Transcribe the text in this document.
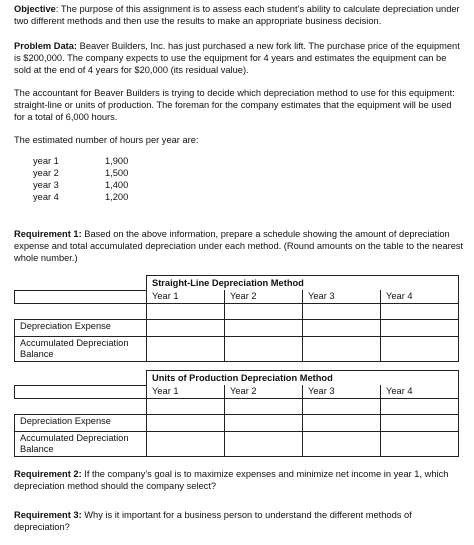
Objective: The purpose of this assignment is to assess each student’s ability to calculate depreciation under two different methods and then use the results to make an appropriate business decision.
Problem Data: Beaver Builders, Inc. has just purchased a new fork lift. The purchase price of the equipment is $200,000. The company expects to use the equipment for 4 years and estimates the equipment can be sold at the end of 4 years for $20,000 (its residual value).
The accountant for Beaver Builders is trying to decide which depreciation method to use for this equipment: straight-line or units of production. The foreman for the company estimates that the equipment will be used for a total of 6,000 hours.
The estimated number of hours per year are:
year 1	1,900
year 2	1,500
year 3	1,400
year 4	1,200
Requirement 1: Based on the above information, prepare a schedule showing the amount of depreciation expense and total accumulated depreciation under each method. (Round amounts on the table to the nearest whole number.)
	Straight-Line Depreciation Method			
	Year 1	Year 2	Year 3	Year 4

Depreciation Expense				
Accumulated Depreciation
Balance				
	Units of Production Depreciation Method			
	Year 1	Year 2	Year 3	Year 4

Depreciation Expense				
Accumulated Depreciation
Balance				
Requirement 2: If the company’s goal is to maximize expenses and minimize net income in year 1, which depreciation method should the company select?
Requirement 3: Why is it important for a business person to understand the different methods of depreciation?
